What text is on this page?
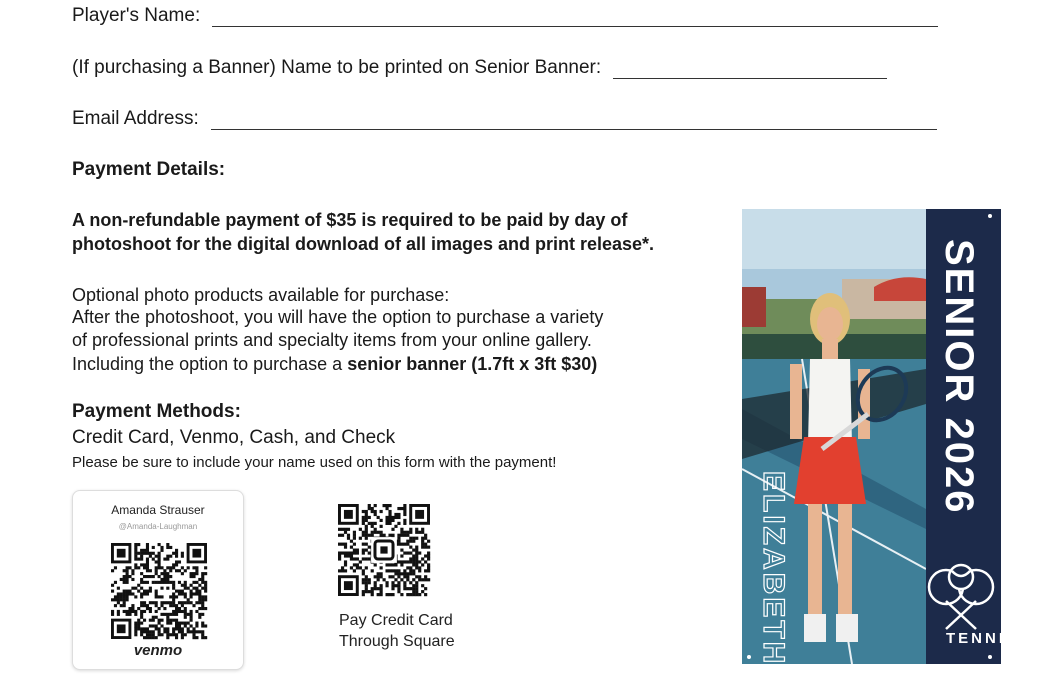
Player's Name:
(If purchasing a Banner) Name to be printed on Senior Banner:
Email Address:
Payment Details:
A non-refundable payment of $35 is required to be paid by day of
photoshoot for the digital download of all images and print release*.
Optional photo products available for purchase:
After the photoshoot, you will have the option to purchase a variety
of professional prints and specialty items from your online gallery.
Including the option to purchase a senior banner (1.7ft x 3ft $30)
Payment Methods:
Credit Card, Venmo, Cash, and Check
Please be sure to include your name used on this form with the payment!
Amanda Strauser
@Amanda-Laughman
venmo
Pay Credit Card
Through Square	ELIZABETH
SENIOR 2026
TENNIS
